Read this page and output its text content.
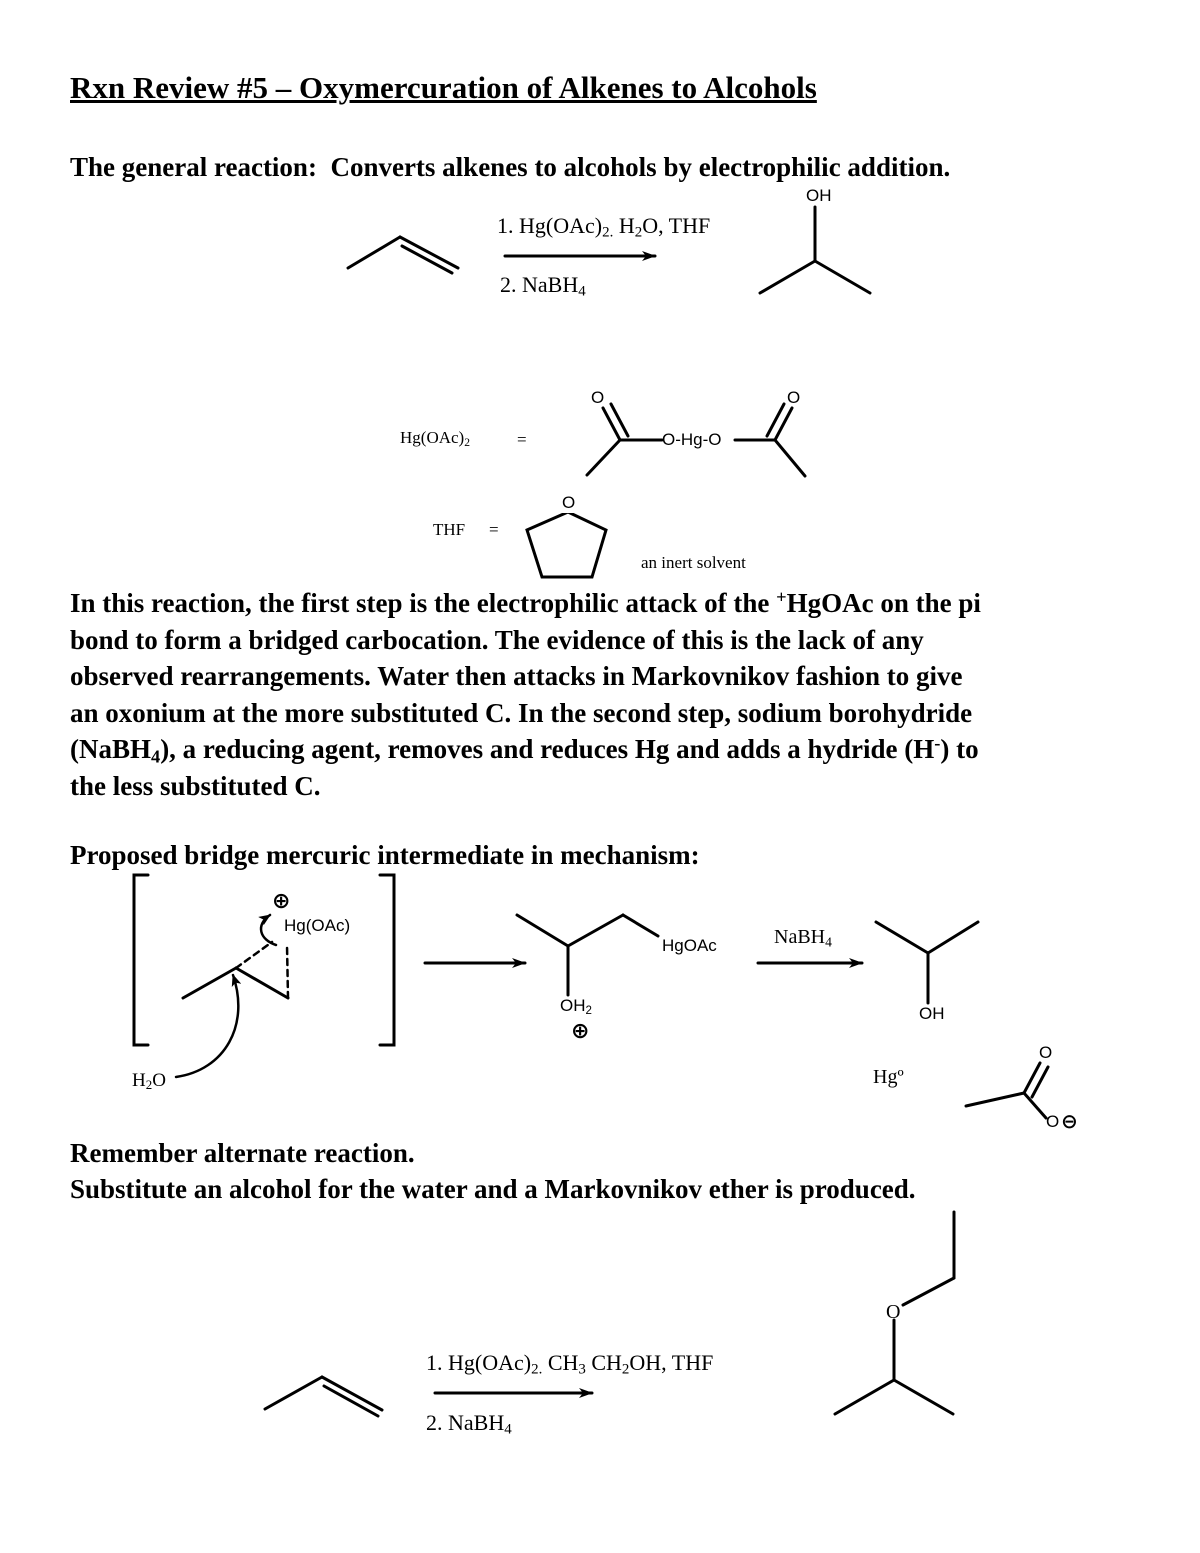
Rxn Review #5 – Oxymercuration of Alkenes to Alcohols
The general reaction: Converts alkenes to alcohols by electrophilic addition.
1. $Hg(OAc)_{2.}$ $H_2O$, THF
2. NaBH$_4$
OH
$Hg(OAc)_2$	=	O-Hg-O
O	O
THF =
O
an inert solvent
In this reaction, the first step is the electrophilic attack of the +HgOAc on the pi
bond to form a bridged carbocation. The evidence of this is the lack of any
observed rearrangements. Water then attacks in Markovnikov fashion to give
an oxonium at the more substituted C. In the second step, sodium borohydride
(NaBH$_4$), a reducing agent, removes and reduces Hg and adds a hydride (H-) to
the less substituted C.
Proposed bridge mercuric intermediate in mechanism:
⊕
Hg(OAc)
$H_2O$
HgOAc
$OH_2$
⊕
NaBH$_4$
OH
Hgº
O
O ⊖
Remember alternate reaction.
Substitute an alcohol for the water and a Markovnikov ether is produced.
1. $Hg(OAc)_{2.}$ $CH_3$ $CH_2OH$, THF
2. NaBH$_4$
O
